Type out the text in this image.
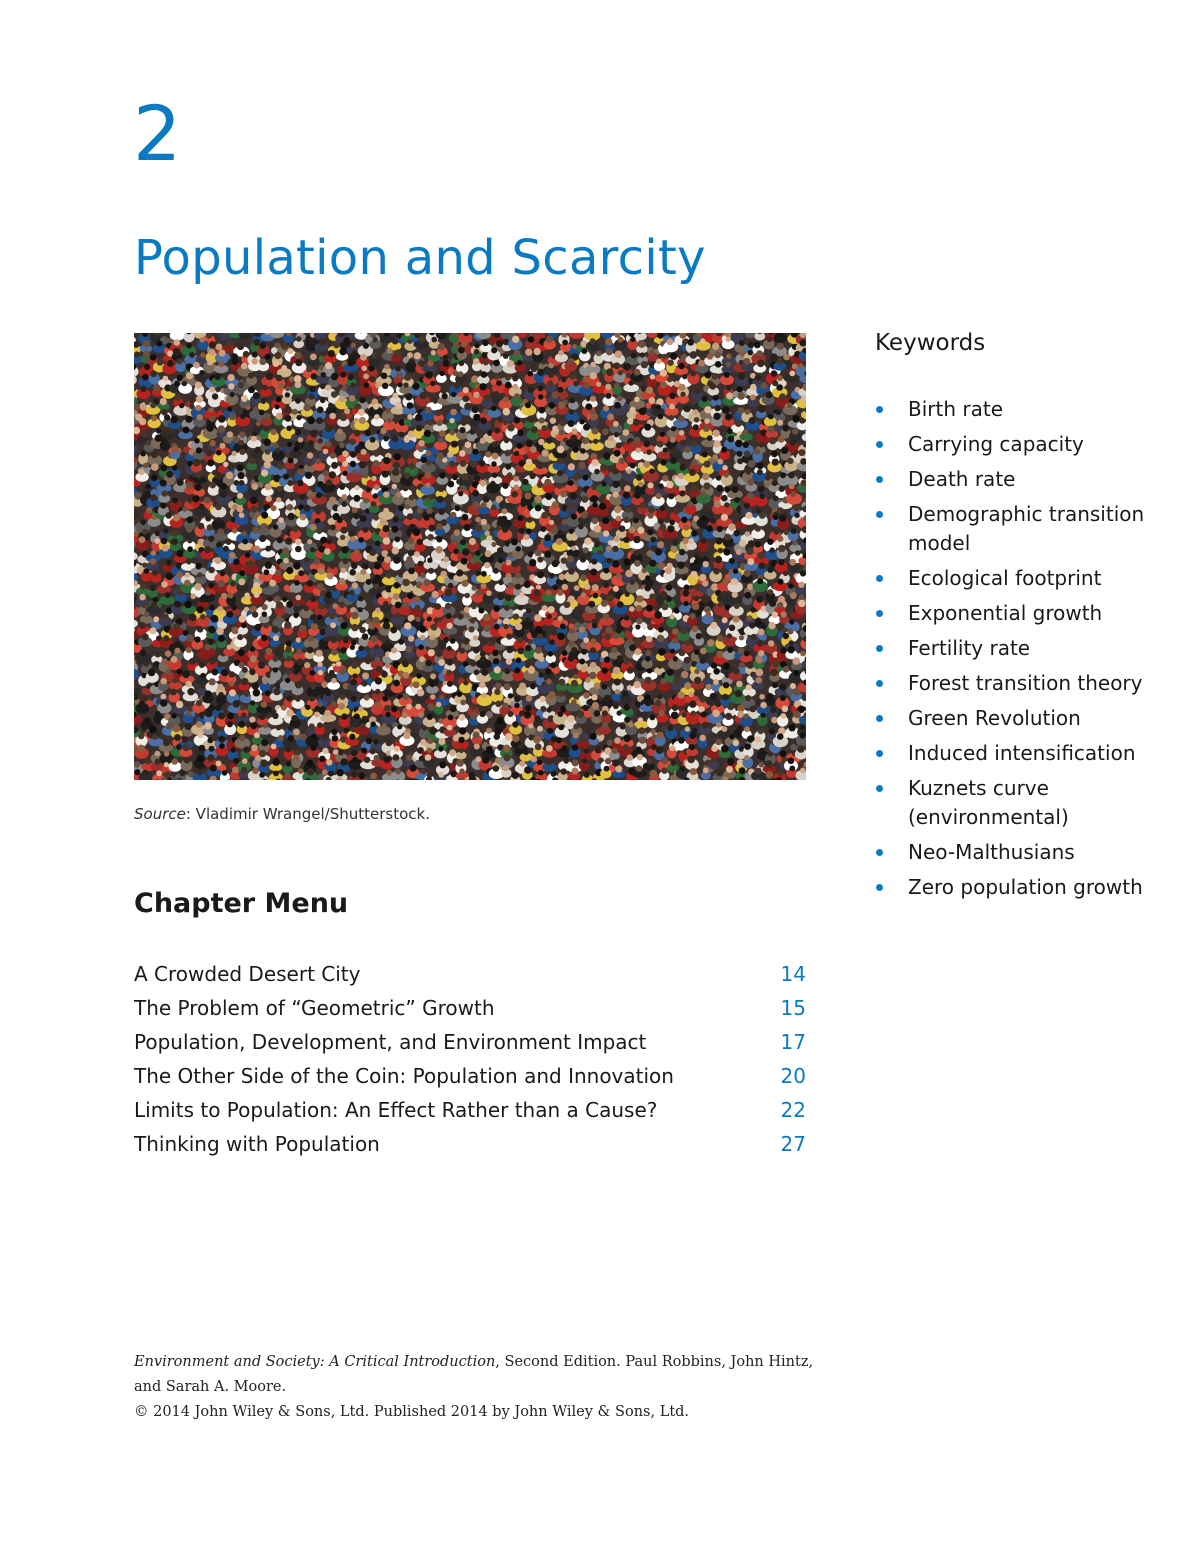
2
Population and Scarcity
Source: Vladimir Wrangel/Shutterstock.
Chapter Menu
A Crowded Desert City	14
The Problem of “Geometric” Growth	15
Population, Development, and Environment Impact	17
The Other Side of the Coin: Population and Innovation	20
Limits to Population: An Effect Rather than a Cause?	22
Thinking with Population	27
Keywords
Birth rate
Carrying capacity
Death rate
Demographic transition model
Ecological footprint
Exponential growth
Fertility rate
Forest transition theory
Green Revolution
Induced intensification
Kuznets curve (environmental)
Neo-Malthusians
Zero population growth
Environment and Society: A Critical Introduction, Second Edition. Paul Robbins, John Hintz,
and Sarah A. Moore.
© 2014 John Wiley & Sons, Ltd. Published 2014 by John Wiley & Sons, Ltd.
